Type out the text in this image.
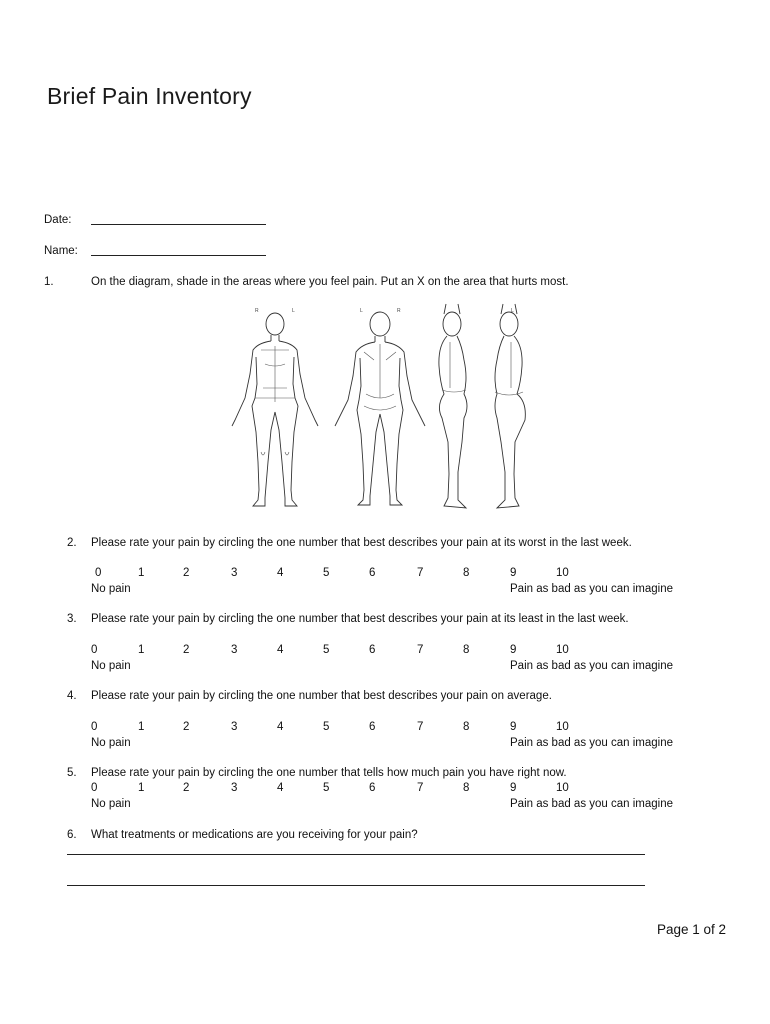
Brief Pain Inventory
Date:
Name:
1.	On the diagram, shade in the areas where you feel pain. Put an X on the area that hurts most.
R	L	L	R	L
2. Please rate your pain by circling the one number that best describes your pain at its worst in the last week.
0	1	2	3	4	5	6	7	8	9	10
No pain	Pain as bad as you can imagine
3. Please rate your pain by circling the one number that best describes your pain at its least in the last week.
0	1	2	3	4	5	6	7	8	9	10
No pain	Pain as bad as you can imagine
4. Please rate your pain by circling the one number that best describes your pain on average.
0	1	2	3	4	5	6	7	8	9	10
No pain	Pain as bad as you can imagine
5. Please rate your pain by circling the one number that tells how much pain you have right now.
0	1	2	3	4	5	6	7	8	9	10
No pain	Pain as bad as you can imagine
6. What treatments or medications are you receiving for your pain?
Page 1 of 2
